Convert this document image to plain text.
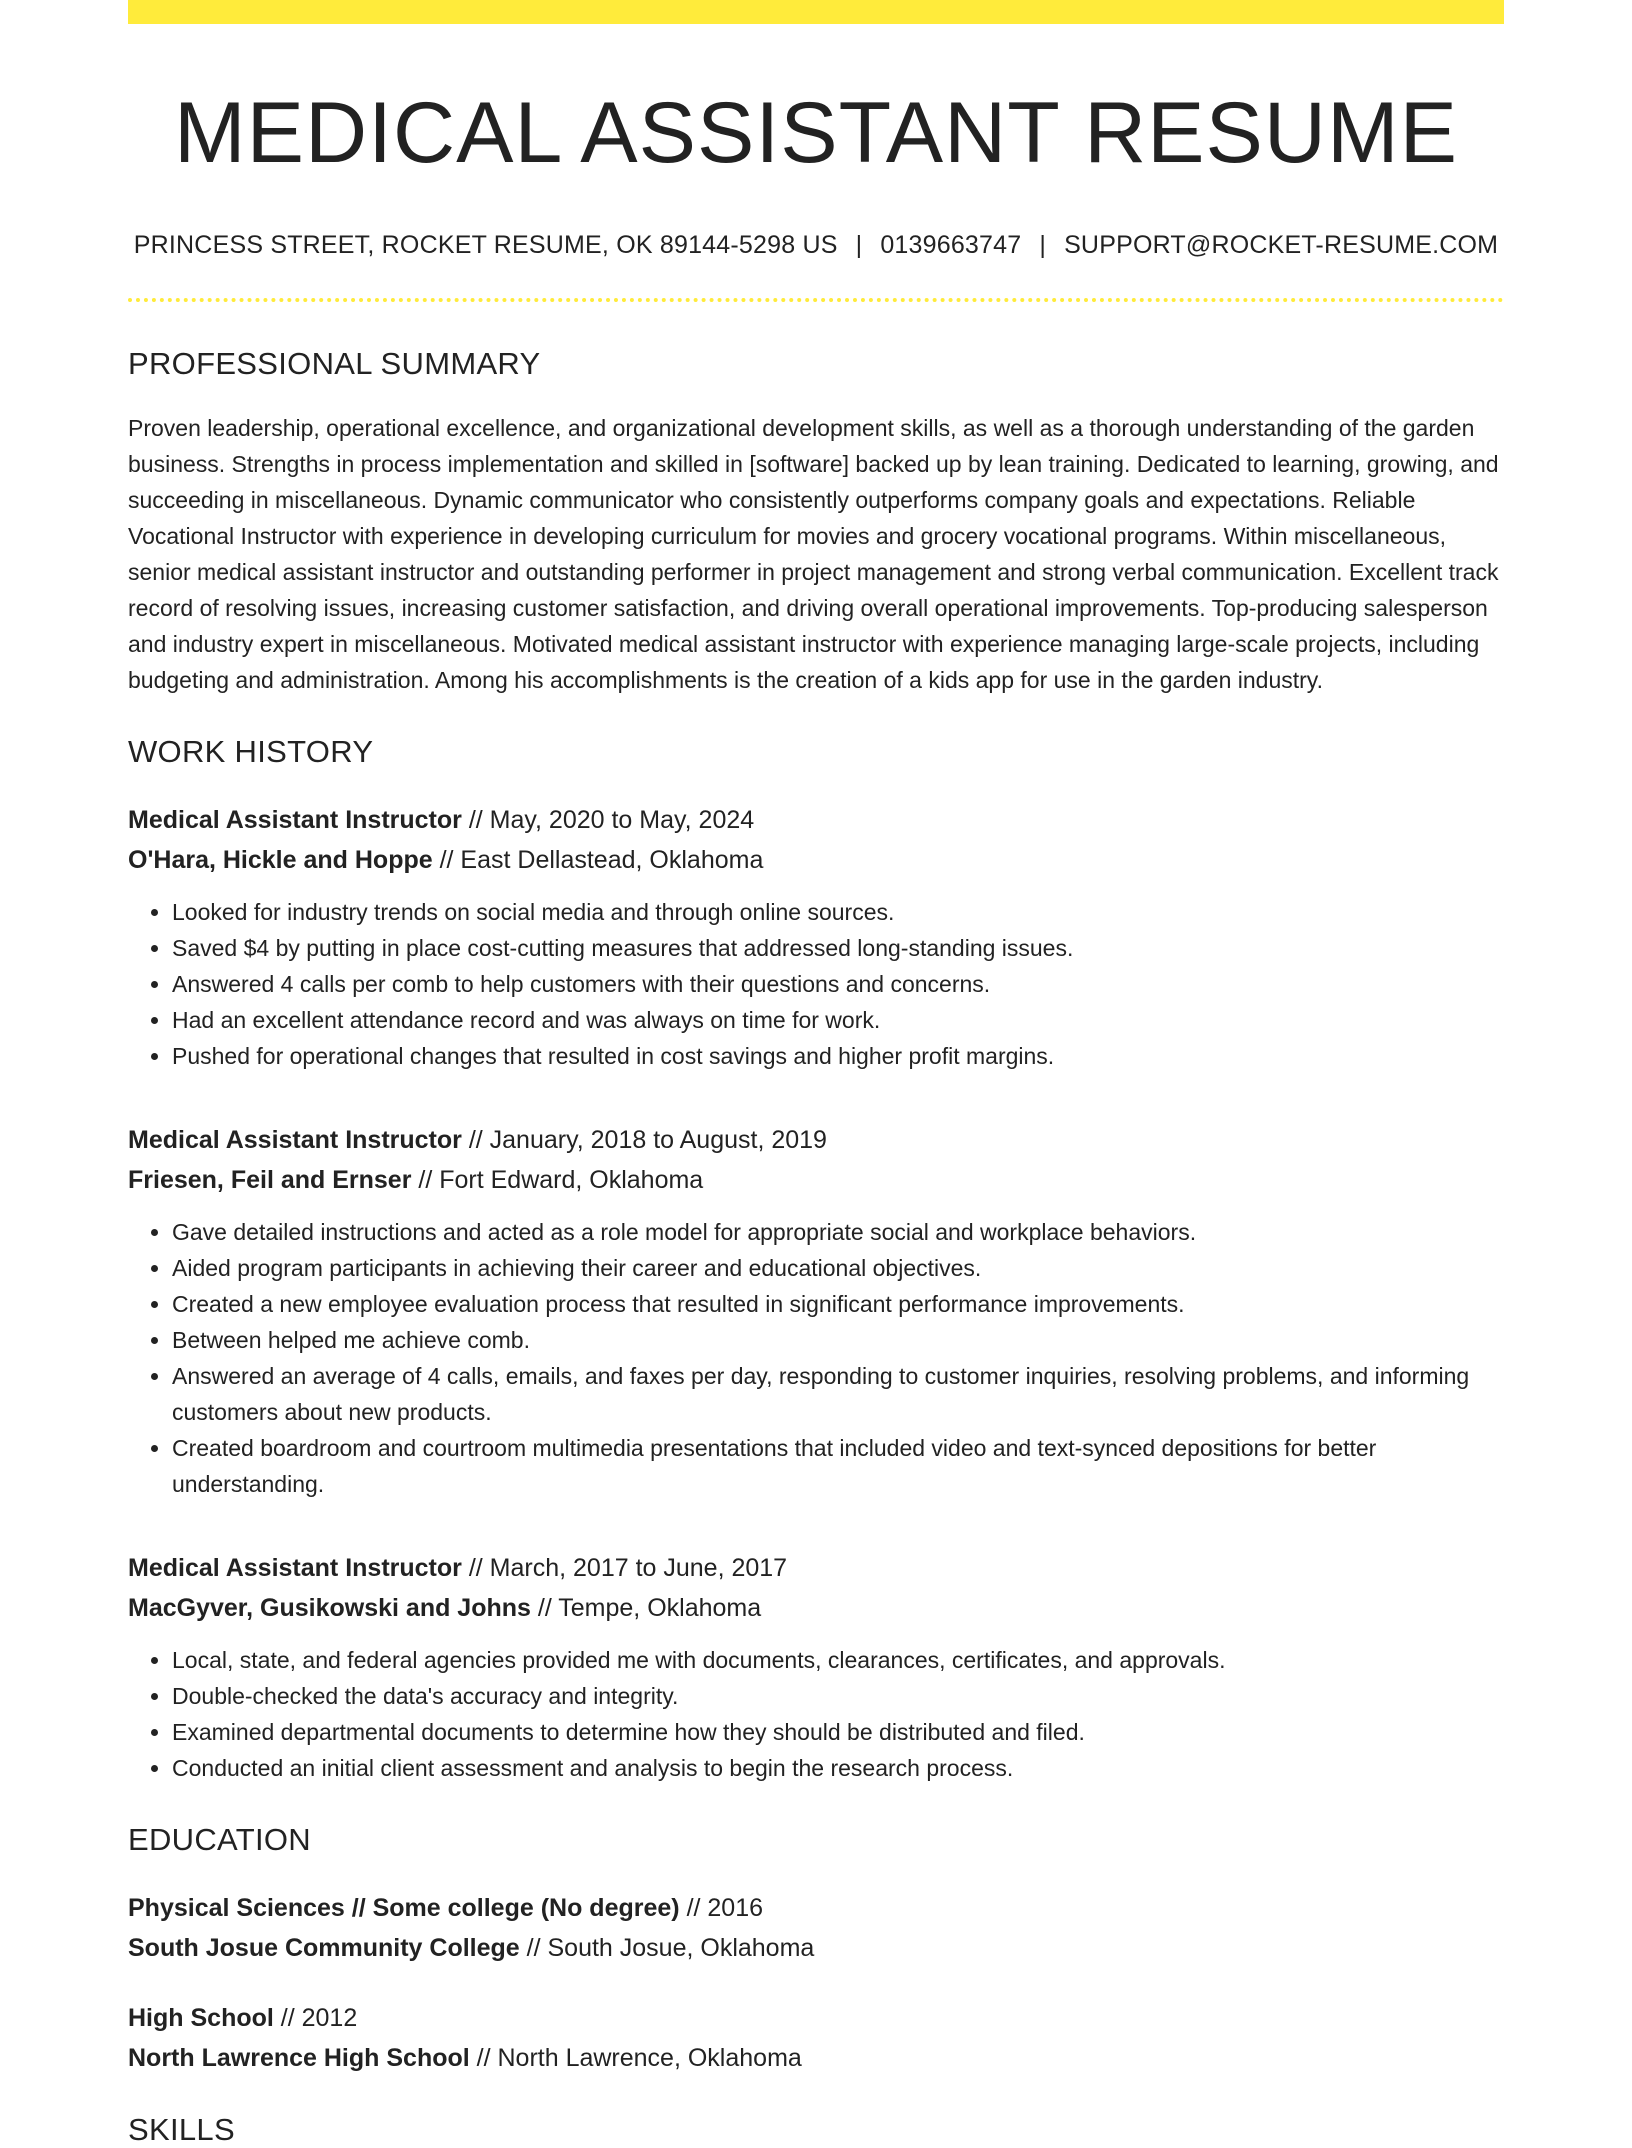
MEDICAL ASSISTANT RESUME
PRINCESS STREET, ROCKET RESUME, OK 89144-5298 US | 0139663747 | SUPPORT@ROCKET-RESUME.COM
PROFESSIONAL SUMMARY

Proven leadership, operational excellence, and organizational development skills, as well as a thorough understanding of the garden business. Strengths in process implementation and skilled in [software] backed up by lean training. Dedicated to learning, growing, and succeeding in miscellaneous. Dynamic communicator who consistently outperforms company goals and expectations. Reliable Vocational Instructor with experience in developing curriculum for movies and grocery vocational programs. Within miscellaneous, senior medical assistant instructor and outstanding performer in project management and strong verbal communication. Excellent track record of resolving issues, increasing customer satisfaction, and driving overall operational improvements. Top-producing salesperson and industry expert in miscellaneous. Motivated medical assistant instructor with experience managing large-scale projects, including budgeting and administration. Among his accomplishments is the creation of a kids app for use in the garden industry.

WORK HISTORY
Medical Assistant Instructor // May, 2020 to May, 2024
O'Hara, Hickle and Hoppe // East Dellastead, Oklahoma
• Looked for industry trends on social media and through online sources.
• Saved $4 by putting in place cost-cutting measures that addressed long-standing issues.
• Answered 4 calls per comb to help customers with their questions and concerns.
• Had an excellent attendance record and was always on time for work.
• Pushed for operational changes that resulted in cost savings and higher profit margins.
Medical Assistant Instructor // January, 2018 to August, 2019
Friesen, Feil and Ernser // Fort Edward, Oklahoma
• Gave detailed instructions and acted as a role model for appropriate social and workplace behaviors.
• Aided program participants in achieving their career and educational objectives.
• Created a new employee evaluation process that resulted in significant performance improvements.
• Between helped me achieve comb.
• Answered an average of 4 calls, emails, and faxes per day, responding to customer inquiries, resolving problems, and informing customers about new products.
• Created boardroom and courtroom multimedia presentations that included video and text-synced depositions for better understanding.
Medical Assistant Instructor // March, 2017 to June, 2017
MacGyver, Gusikowski and Johns // Tempe, Oklahoma
• Local, state, and federal agencies provided me with documents, clearances, certificates, and approvals.
• Double-checked the data's accuracy and integrity.
• Examined departmental documents to determine how they should be distributed and filed.
• Conducted an initial client assessment and analysis to begin the research process.
EDUCATION
Physical Sciences // Some college (No degree) // 2016
South Josue Community College // South Josue, Oklahoma
High School // 2012
North Lawrence High School // North Lawrence, Oklahoma
SKILLS
